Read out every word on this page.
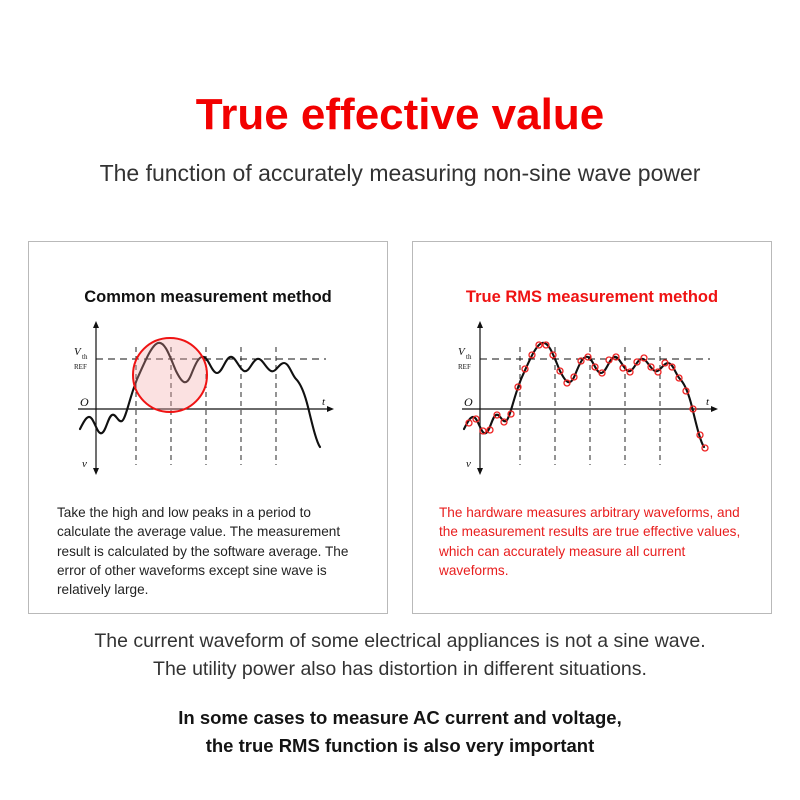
True effective value

The function of accurately measuring non-sine wave power

Common measurement method

V th
REF
O	t
v

Take the high and low peaks in a period to calculate the average value. The measurement result is calculated by the software average. The error of other waveforms except sine wave is relatively large.

True RMS measurement method

V th
REF
O	t
v

The hardware measures arbitrary waveforms, and the measurement results are true effective values, which can accurately measure all current waveforms.

The current waveform of some electrical appliances is not a sine wave.

The utility power also has distortion in different situations.

In some cases to measure AC current and voltage,

the true RMS function is also very important
